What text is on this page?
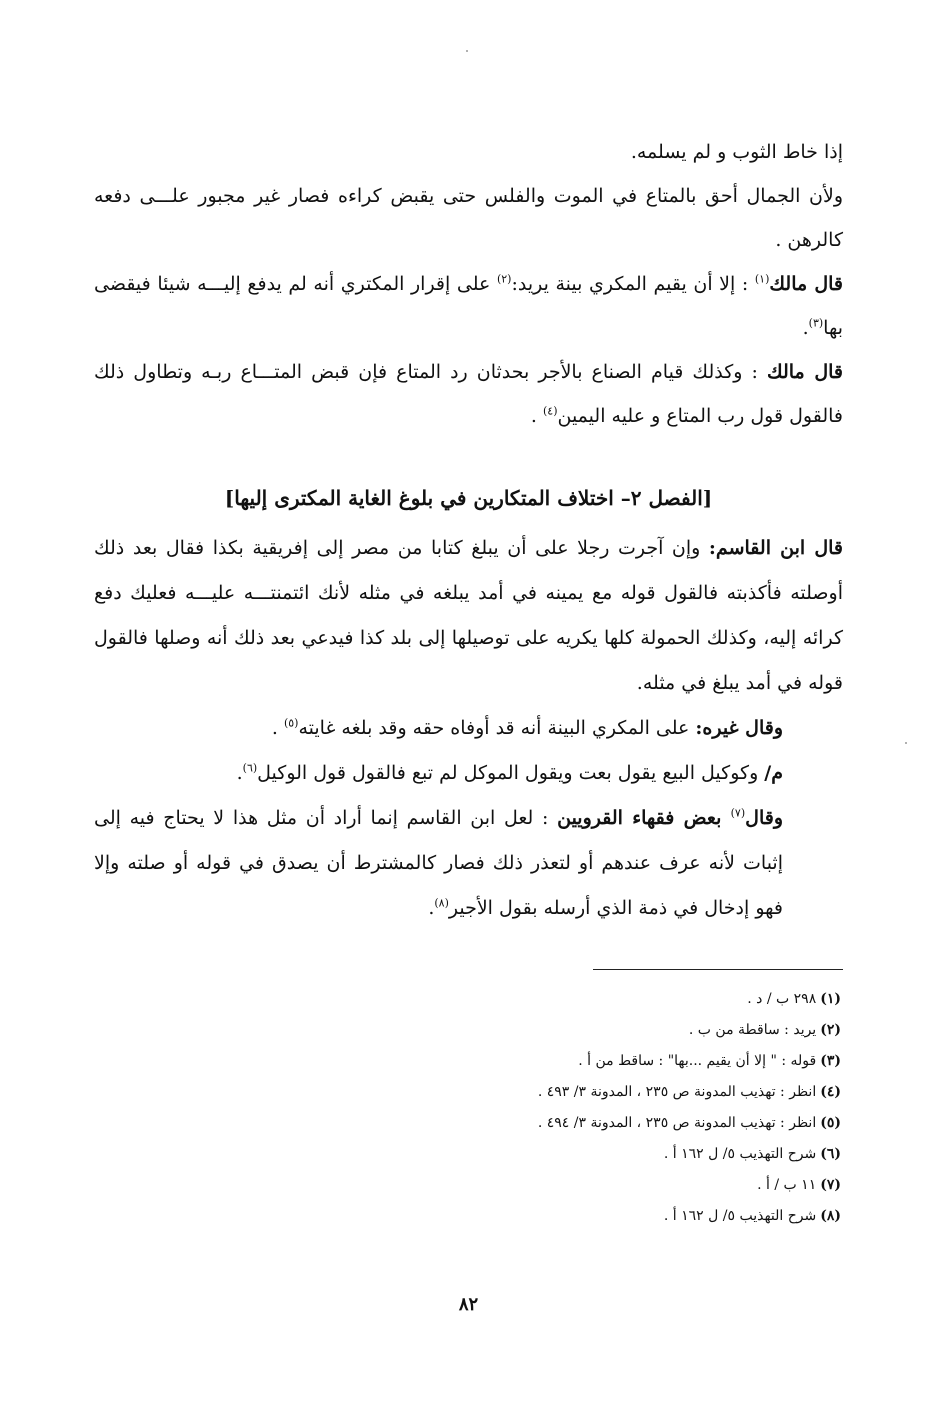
إذا خاط الثوب و لم يسلمه.

ولأن الجمال أحق بالمتاع في الموت والفلس حتى يقبض كراءه فصار غير مجبور علـــى دفعه كالرهن .

قال مالك$^{(١)}$ : إلا أن يقيم المكري بينة يريد:$^{(٢)}$ على إقرار المكتري أنه لم يدفع إليـــه شيئا فيقضى بها$^{(٣)}$.

قال مالك : وكذلك قيام الصناع بالأجر بحدثان رد المتاع فإن قبض المتـــاع ربـه وتطاول ذلك فالقول قول رب المتاع و عليه اليمين$^{(٤)}$ .

[الفصل ٢– اختلاف المتكارين في بلوغ الغاية المكترى إليها]

قال ابن القاسم: وإن آجرت رجلا على أن يبلغ كتابا من مصر إلى إفريقية بكذا فقال بعد ذلك أوصلته فأكذبته فالقول قوله مع يمينه في أمد يبلغه في مثله لأنك ائتمنتـــه عليـــه فعليك دفع كرائه إليه، وكذلك الحمولة كلها يكريه على توصيلها إلى بلد كذا فيدعي بعد ذلك أنه وصلها فالقول قوله في أمد يبلغ في مثله.

وقال غيره: على المكري البينة أنه قد أوفاه حقه وقد بلغه غايته$^{(٥)}$ .

م/ وكوكيل البيع يقول بعت ويقول الموكل لم تبع فالقول قول الوكيل$^{(٦)}$.

وقال$^{(٧)}$ بعض فقهاء القرويين : لعل ابن القاسم إنما أراد أن مثل هذا لا يحتاج فيه إلى إثبات لأنه عرف عندهم أو لتعذر ذلك فصار كالمشترط أن يصدق في قوله أو صلته وإلا فهو إدخال في ذمة الذي أرسله بقول الأجير$^{(٨)}$.

(١)٢٩٨ ب / د .
(٢)يريد : ساقطة من ب .
(٣)قوله : " إلا أن يقيم ...بها" : ساقط من أ .
(٤)انظر : تهذيب المدونة ص ٢٣٥ ، المدونة ٣/ ٤٩٣ .
(٥)انظر : تهذيب المدونة ص ٢٣٥ ، المدونة ٣/ ٤٩٤ .
(٦)شرح التهذيب ٥/ ل ١٦٢ أ .
(٧)١١ ب / أ .
(٨)شرح التهذيب ٥/ ل ١٦٢ أ .
٨٢
